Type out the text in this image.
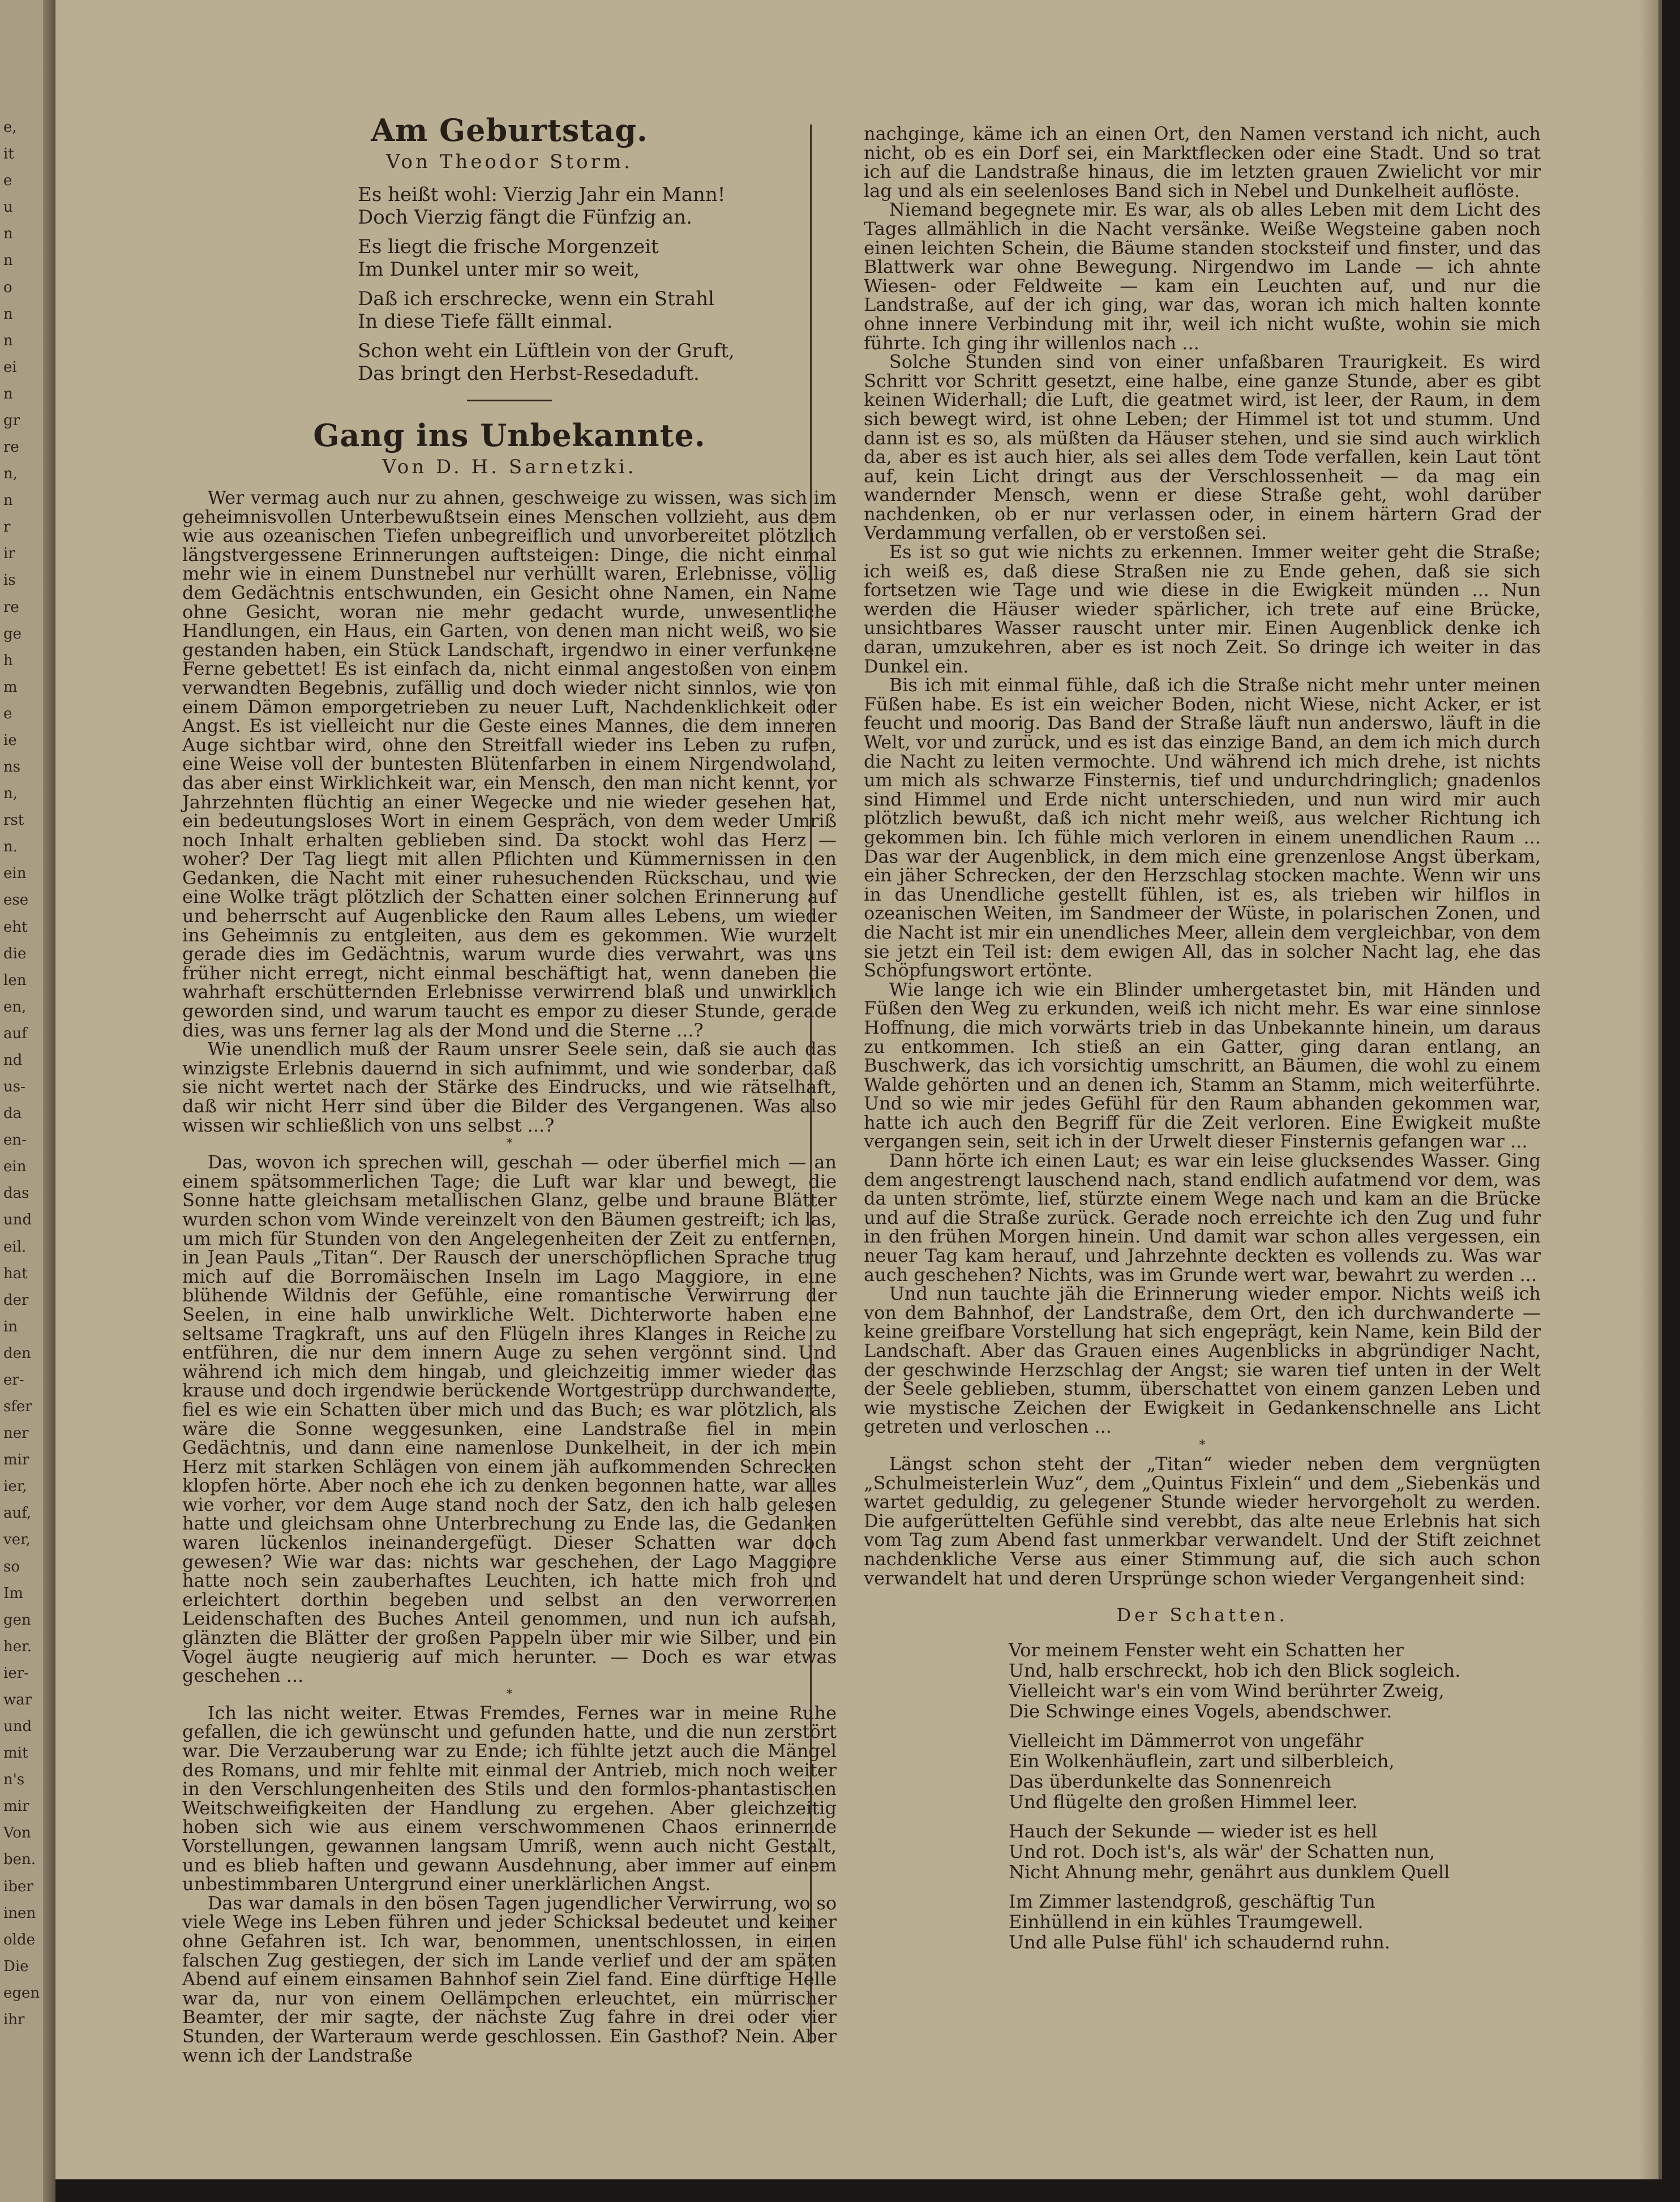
e,
it
e
u
n
n
o
n
n
ei
n
gr
re
n,
n
r
ir
is
re
ge
h
m
e
ie
ns
n,
rst
n.
ein
ese
eht
die
len
en,
auf
nd
us-
da
en-
ein
das
und
eil.
hat
der
in
den
er-
sfer
ner
mir
ier,
auf,
ver,
so
Im
gen
her.
ier-
war
und
mit
n's
mir
Von
ben.
iber
inen
olde
Die
egen
ihr
Am Geburtstag.
Von Theodor Storm.
Es heißt wohl: Vierzig Jahr ein Mann!
Doch Vierzig fängt die Fünfzig an.
Es liegt die frische Morgenzeit
Im Dunkel unter mir so weit,
Daß ich erschrecke, wenn ein Strahl
In diese Tiefe fällt einmal.
Schon weht ein Lüftlein von der Gruft,
Das bringt den Herbst-Resedaduft.
Gang ins Unbekannte.
Von D. H. Sarnetzki.

Wer vermag auch nur zu ahnen, geschweige zu wissen, was sich im geheimnisvollen Unterbewußtsein eines Menschen vollzieht, aus dem wie aus ozeanischen Tiefen unbegreiflich und unvorbereitet plötzlich längstvergessene Erinnerungen auftsteigen: Dinge, die nicht einmal mehr wie in einem Dunstnebel nur verhüllt waren, Erlebnisse, völlig dem Gedächtnis entschwunden, ein Gesicht ohne Namen, ein Name ohne Gesicht, woran nie mehr gedacht wurde, unwesentliche Handlungen, ein Haus, ein Garten, von denen man nicht weiß, wo sie gestanden haben, ein Stück Landschaft, irgendwo in einer verfunkene Ferne gebettet! Es ist einfach da, nicht einmal angestoßen von einem verwandten Begebnis, zufällig und doch wieder nicht sinnlos, wie von einem Dämon emporgetrieben zu neuer Luft, Nachdenklichkeit oder Angst. Es ist vielleicht nur die Geste eines Mannes, die dem inneren Auge sichtbar wird, ohne den Streitfall wieder ins Leben zu rufen, eine Weise voll der buntesten Blütenfarben in einem Nirgendwoland, das aber einst Wirklichkeit war, ein Mensch, den man nicht kennt, vor Jahrzehnten flüchtig an einer Wegecke und nie wieder gesehen hat, ein bedeutungsloses Wort in einem Gespräch, von dem weder Umriß noch Inhalt erhalten geblieben sind. Da stockt wohl das Herz — woher? Der Tag liegt mit allen Pflichten und Kümmernissen in den Gedanken, die Nacht mit einer ruhesuchenden Rückschau, und wie eine Wolke trägt plötzlich der Schatten einer solchen Erinnerung auf und beherrscht auf Augenblicke den Raum alles Lebens, um wieder ins Geheimnis zu entgleiten, aus dem es gekommen. Wie wurzelt gerade dies im Gedächtnis, warum wurde dies verwahrt, was uns früher nicht erregt, nicht einmal beschäftigt hat, wenn daneben die wahrhaft erschütternden Erlebnisse verwirrend blaß und unwirklich geworden sind, und warum taucht es empor zu dieser Stunde, gerade dies, was uns ferner lag als der Mond und die Sterne ...?

Wie unendlich muß der Raum unsrer Seele sein, daß sie auch das winzigste Erlebnis dauernd in sich aufnimmt, und wie sonderbar, daß sie nicht wertet nach der Stärke des Eindrucks, und wie rätselhaft, daß wir nicht Herr sind über die Bilder des Vergangenen. Was also wissen wir schließlich von uns selbst ...?

*

Das, wovon ich sprechen will, geschah — oder überfiel mich — an einem spätsommerlichen Tage; die Luft war klar und bewegt, die Sonne hatte gleichsam metallischen Glanz, gelbe und braune Blätter wurden schon vom Winde vereinzelt von den Bäumen gestreift; ich las, um mich für Stunden von den Angelegenheiten der Zeit zu entfernen, in Jean Pauls „Titan“. Der Rausch der unerschöpflichen Sprache trug mich auf die Borromäischen Inseln im Lago Maggiore, in eine blühende Wildnis der Gefühle, eine romantische Verwirrung der Seelen, in eine halb unwirkliche Welt. Dichterworte haben eine seltsame Tragkraft, uns auf den Flügeln ihres Klanges in Reiche zu entführen, die nur dem innern Auge zu sehen vergönnt sind. Und während ich mich dem hingab, und gleichzeitig immer wieder das krause und doch irgendwie berückende Wortgestrüpp durchwanderte, fiel es wie ein Schatten über mich und das Buch; es war plötzlich, als wäre die Sonne weggesunken, eine Landstraße fiel in mein Gedächtnis, und dann eine namenlose Dunkelheit, in der ich mein Herz mit starken Schlägen von einem jäh aufkommenden Schrecken klopfen hörte. Aber noch ehe ich zu denken begonnen hatte, war alles wie vorher, vor dem Auge stand noch der Satz, den ich halb gelesen hatte und gleichsam ohne Unterbrechung zu Ende las, die Gedanken waren lückenlos ineinandergefügt. Dieser Schatten war doch gewesen? Wie war das: nichts war geschehen, der Lago Maggiore hatte noch sein zauberhaftes Leuchten, ich hatte mich froh und erleichtert dorthin begeben und selbst an den verworrenen Leidenschaften des Buches Anteil genommen, und nun ich aufsah, glänzten die Blätter der großen Pappeln über mir wie Silber, und ein Vogel äugte neugierig auf mich herunter. — Doch es war etwas geschehen ...

*

Ich las nicht weiter. Etwas Fremdes, Fernes war in meine Ruhe gefallen, die ich gewünscht und gefunden hatte, und die nun zerstört war. Die Verzauberung war zu Ende; ich fühlte jetzt auch die Mängel des Romans, und mir fehlte mit einmal der Antrieb, mich noch weiter in den Verschlungenheiten des Stils und den formlos-phantastischen Weitschweifigkeiten der Handlung zu ergehen. Aber gleichzeitig hoben sich wie aus einem verschwommenen Chaos erinnernde Vorstellungen, gewannen langsam Umriß, wenn auch nicht Gestalt, und es blieb haften und gewann Ausdehnung, aber immer auf einem unbestimmbaren Untergrund einer unerklärlichen Angst.

Das war damals in den bösen Tagen jugendlicher Verwirrung, wo so viele Wege ins Leben führen und jeder Schicksal bedeutet und keiner ohne Gefahren ist. Ich war, benommen, unentschlossen, in einen falschen Zug gestiegen, der sich im Lande verlief und der am späten Abend auf einem einsamen Bahnhof sein Ziel fand. Eine dürftige Helle war da, nur von einem Oellämpchen erleuchtet, ein mürrischer Beamter, der mir sagte, der nächste Zug fahre in drei oder vier Stunden, der Warteraum werde geschlossen. Ein Gasthof? Nein. Aber wenn ich der Landstraße

nachginge, käme ich an einen Ort, den Namen verstand ich nicht, auch nicht, ob es ein Dorf sei, ein Marktflecken oder eine Stadt. Und so trat ich auf die Landstraße hinaus, die im letzten grauen Zwielicht vor mir lag und als ein seelenloses Band sich in Nebel und Dunkelheit auflöste.

Niemand begegnete mir. Es war, als ob alles Leben mit dem Licht des Tages allmählich in die Nacht versänke. Weiße Wegsteine gaben noch einen leichten Schein, die Bäume standen stocksteif und finster, und das Blattwerk war ohne Bewegung. Nirgendwo im Lande — ich ahnte Wiesen- oder Feldweite — kam ein Leuchten auf, und nur die Landstraße, auf der ich ging, war das, woran ich mich halten konnte ohne innere Verbindung mit ihr, weil ich nicht wußte, wohin sie mich führte. Ich ging ihr willenlos nach ...

Solche Stunden sind von einer unfaßbaren Traurigkeit. Es wird Schritt vor Schritt gesetzt, eine halbe, eine ganze Stunde, aber es gibt keinen Widerhall; die Luft, die geatmet wird, ist leer, der Raum, in dem sich bewegt wird, ist ohne Leben; der Himmel ist tot und stumm. Und dann ist es so, als müßten da Häuser stehen, und sie sind auch wirklich da, aber es ist auch hier, als sei alles dem Tode verfallen, kein Laut tönt auf, kein Licht dringt aus der Verschlossenheit — da mag ein wandernder Mensch, wenn er diese Straße geht, wohl darüber nachdenken, ob er nur verlassen oder, in einem härtern Grad der Verdammung verfallen, ob er verstoßen sei.

Es ist so gut wie nichts zu erkennen. Immer weiter geht die Straße; ich weiß es, daß diese Straßen nie zu Ende gehen, daß sie sich fortsetzen wie Tage und wie diese in die Ewigkeit münden ... Nun werden die Häuser wieder spärlicher, ich trete auf eine Brücke, unsichtbares Wasser rauscht unter mir. Einen Augenblick denke ich daran, umzukehren, aber es ist noch Zeit. So dringe ich weiter in das Dunkel ein.

Bis ich mit einmal fühle, daß ich die Straße nicht mehr unter meinen Füßen habe. Es ist ein weicher Boden, nicht Wiese, nicht Acker, er ist feucht und moorig. Das Band der Straße läuft nun anderswo, läuft in die Welt, vor und zurück, und es ist das einzige Band, an dem ich mich durch die Nacht zu leiten vermochte. Und während ich mich drehe, ist nichts um mich als schwarze Finsternis, tief und undurchdringlich; gnadenlos sind Himmel und Erde nicht unterschieden, und nun wird mir auch plötzlich bewußt, daß ich nicht mehr weiß, aus welcher Richtung ich gekommen bin. Ich fühle mich verloren in einem unendlichen Raum ... Das war der Augenblick, in dem mich eine grenzenlose Angst überkam, ein jäher Schrecken, der den Herzschlag stocken machte. Wenn wir uns in das Unendliche gestellt fühlen, ist es, als trieben wir hilflos in ozeanischen Weiten, im Sandmeer der Wüste, in polarischen Zonen, und die Nacht ist mir ein unendliches Meer, allein dem vergleichbar, von dem sie jetzt ein Teil ist: dem ewigen All, das in solcher Nacht lag, ehe das Schöpfungswort ertönte.

Wie lange ich wie ein Blinder umhergetastet bin, mit Händen und Füßen den Weg zu erkunden, weiß ich nicht mehr. Es war eine sinnlose Hoffnung, die mich vorwärts trieb in das Unbekannte hinein, um daraus zu entkommen. Ich stieß an ein Gatter, ging daran entlang, an Buschwerk, das ich vorsichtig umschritt, an Bäumen, die wohl zu einem Walde gehörten und an denen ich, Stamm an Stamm, mich weiterführte. Und so wie mir jedes Gefühl für den Raum abhanden gekommen war, hatte ich auch den Begriff für die Zeit verloren. Eine Ewigkeit mußte vergangen sein, seit ich in der Urwelt dieser Finsternis gefangen war ...

Dann hörte ich einen Laut; es war ein leise glucksendes Wasser. Ging dem angestrengt lauschend nach, stand endlich aufatmend vor dem, was da unten strömte, lief, stürzte einem Wege nach und kam an die Brücke und auf die Straße zurück. Gerade noch erreichte ich den Zug und fuhr in den frühen Morgen hinein. Und damit war schon alles vergessen, ein neuer Tag kam herauf, und Jahrzehnte deckten es vollends zu. Was war auch geschehen? Nichts, was im Grunde wert war, bewahrt zu werden ...

Und nun tauchte jäh die Erinnerung wieder empor. Nichts weiß ich von dem Bahnhof, der Landstraße, dem Ort, den ich durchwanderte — keine greifbare Vorstellung hat sich engeprägt, kein Name, kein Bild der Landschaft. Aber das Grauen eines Augenblicks in abgründiger Nacht, der geschwinde Herzschlag der Angst; sie waren tief unten in der Welt der Seele geblieben, stumm, überschattet von einem ganzen Leben und wie mystische Zeichen der Ewigkeit in Gedankenschnelle ans Licht getreten und verloschen ...

*

Längst schon steht der „Titan“ wieder neben dem vergnügten „Schulmeisterlein Wuz“, dem „Quintus Fixlein“ und dem „Siebenkäs und wartet geduldig, zu gelegener Stunde wieder hervorgeholt zu werden. Die aufgerüttelten Gefühle sind verebbt, das alte neue Erlebnis hat sich vom Tag zum Abend fast unmerkbar verwandelt. Und der Stift zeichnet nachdenkliche Verse aus einer Stimmung auf, die sich auch schon verwandelt hat und deren Ursprünge schon wieder Vergangenheit sind:

Der Schatten.
Vor meinem Fenster weht ein Schatten her
Und, halb erschreckt, hob ich den Blick sogleich.
Vielleicht war's ein vom Wind berührter Zweig,
Die Schwinge eines Vogels, abendschwer.
Vielleicht im Dämmerrot von ungefähr
Ein Wolkenhäuflein, zart und silberbleich,
Das überdunkelte das Sonnenreich
Und flügelte den großen Himmel leer.
Hauch der Sekunde — wieder ist es hell
Und rot. Doch ist's, als wär' der Schatten nun,
Nicht Ahnung mehr, genährt aus dunklem Quell
Im Zimmer lastendgroß, geschäftig Tun
Einhüllend in ein kühles Traumgewell.
Und alle Pulse fühl' ich schaudernd ruhn.
